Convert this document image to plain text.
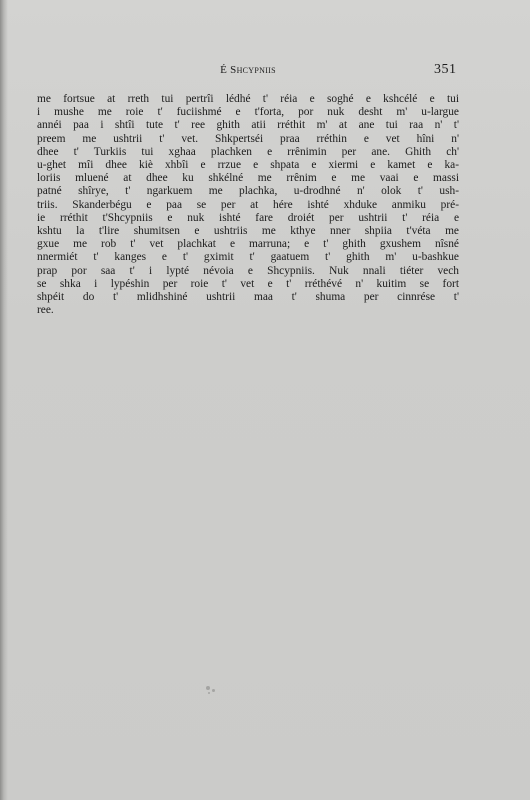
É Shcypniis	351
me fortsue at rreth tui pertrîi lédhé t' réia e soghé e kshcélé e tui
i mushe me roie t' fuciishmé e t'forta, por nuk desht m' u-largue
annéi paa i shtîi tute t' ree ghith atii rréthit m' at ane tui raa n' t'
preem me ushtrii t' vet. Shkpertséi praa rréthin e vet hîni n'
dhee t' Turkiis tui xghaa plachken e rrênimin per ane. Ghith ch'
u-ghet mîi dhee kiè xhbîi e rrzue e shpata e xiermi e kamet e ka-
loriis mluené at dhee ku shkélné me rrênim e me vaai e massi
patné shîrye, t' ngarkuem me plachka, u-drodhné n' olok t' ush-
triis. Skanderbégu e paa se per at hére ishté xhduke anmiku pré-
ie rréthit t'Shcypniis e nuk ishté fare droiét per ushtrii t' réia e
kshtu la t'lire shumitsen e ushtriis me kthye nner shpiia t'véta me
gxue me rob t' vet plachkat e marruna; e t' ghith gxushem nîsné
nnermiét t' kanges e t' gximit t' gaatuem t' ghith m' u-bashkue
prap por saa t' i lypté névoia e Shcypniis. Nuk nnali tiéter vech
se shka i lypéshin per roie t' vet e t' rréthévé n' kuitim se fort
shpéit do t' mlidhshiné ushtrii maa t' shuma per cinnrése t'
ree.
